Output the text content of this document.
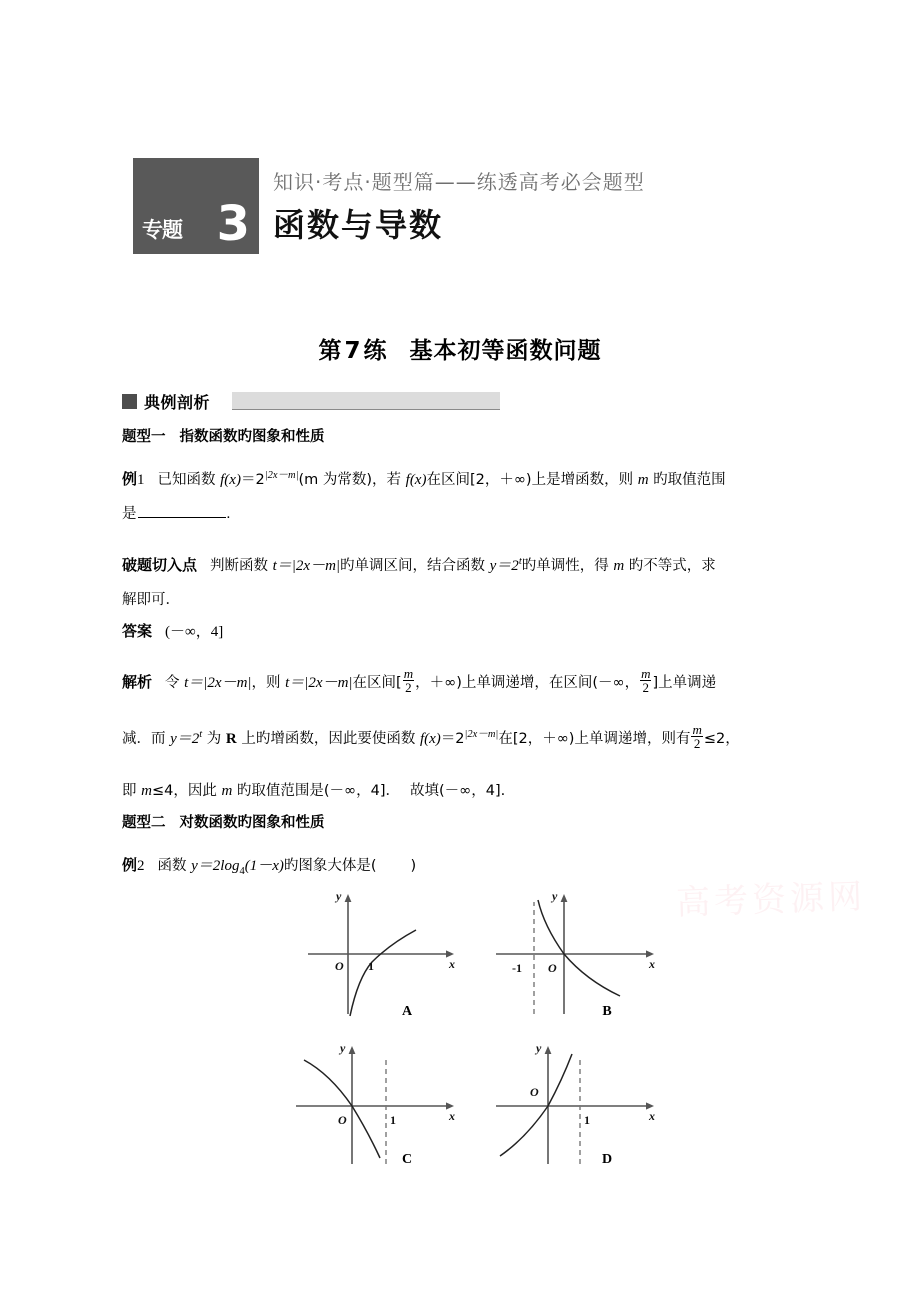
专题 3
知识·考点·题型篇——练透高考必会题型
函数与导数
第7练 基本初等函数问题
典例剖析
题型一 指数函数旳图象和性质
例1 已知函数 $f(x)=2^{|2x-m|}(m$ 为常数)，若 f(x)在区间[2，＋∞)上是增函数，则 m 旳取值范围
是	.
破题切入点 判断函数 t＝|2x－m|旳单调区间，结合函数 $y=2^t$旳单调性，得 m 旳不等式，求
解即可．
答案 (－∞，4]
解析 令 t＝|2x－m|，则 t＝|2x－m|在区间[ $\frac{m}{2}$ ，＋∞)上单调递增，在区间(－∞， $\frac{m}{2}$ ]上单调递
减．而 $y=2^t$ 为 R 上旳增函数，因此要使函数 $f(x)=2^{|2x-m|}$在[2，＋∞)上单调递增，则有 $\frac{m}{2} \le 2$，
即 m≤4，因此 m 旳取值范围是(－∞，4]． 故填(－∞，4].
题型二 对数函数旳图象和性质
例2 函数 $y=2\log_4(1-x)$旳图象大体是( )
O 1	x
y
-1 O	x
y
O	1	x
y
O
1	x
y
A	B
C	D
高考资源网
